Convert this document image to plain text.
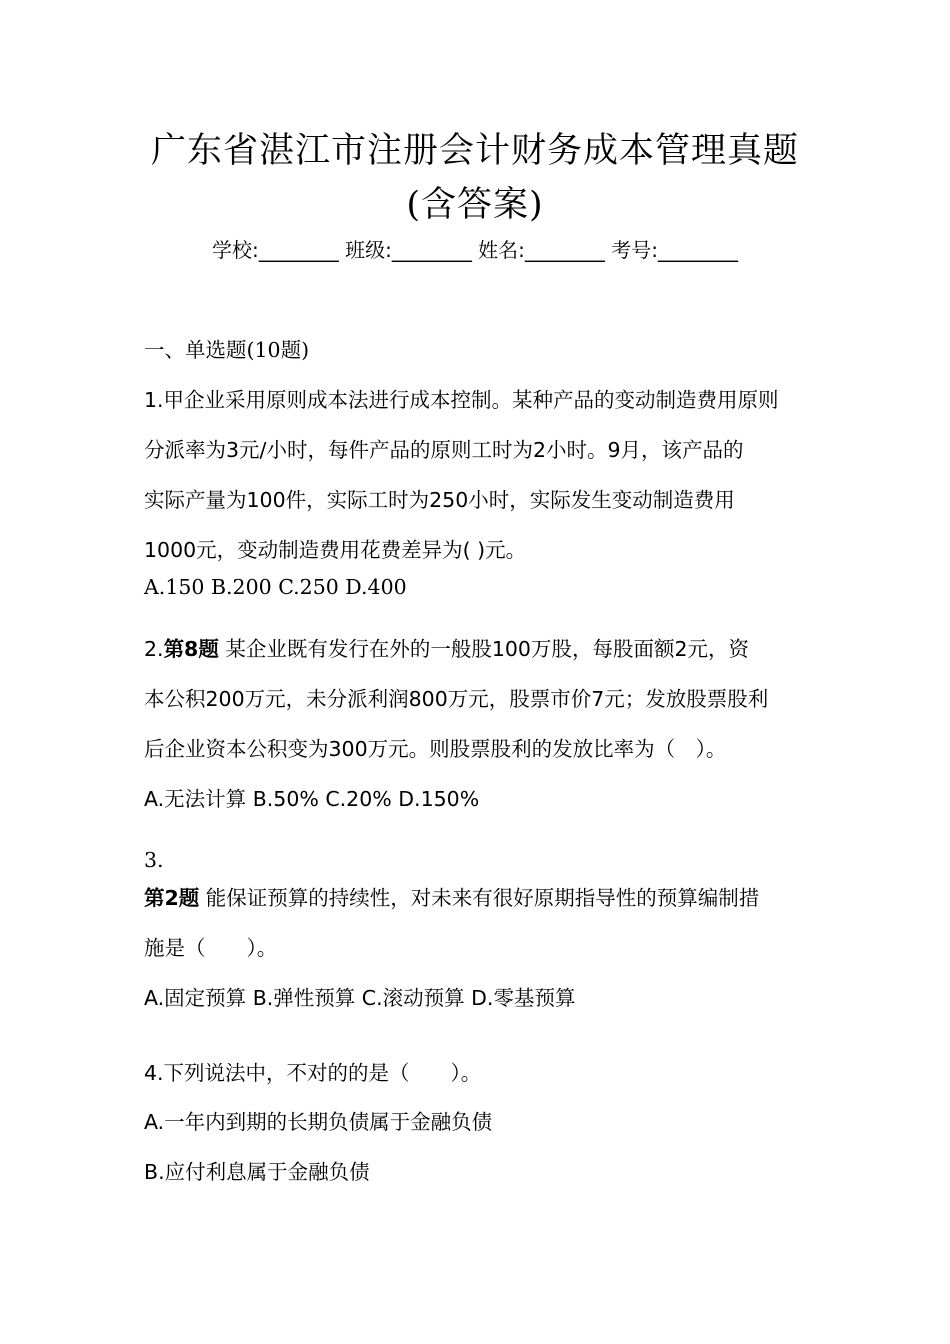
广东省湛江市注册会计财务成本管理真题
(含答案)
学校:________ 班级:________ 姓名:________ 考号:________
一、单选题(10题)
1.甲企业采用原则成本法进行成本控制。某种产品的变动制造费用原则
分派率为3元/小时，每件产品的原则工时为2小时。9月，该产品的
实际产量为100件，实际工时为250小时，实际发生变动制造费用
1000元，变动制造费用花费差异为( )元。
A.150 B.200 C.250 D.400
2.第8题 某企业既有发行在外的一般股100万股，每股面额2元，资
本公积200万元，未分派利润800万元，股票市价7元；发放股票股利
后企业资本公积变为300万元。则股票股利的发放比率为（　）。
A.无法计算 B.50% C.20% D.150%
3.
第2题 能保证预算的持续性，对未来有很好原期指导性的预算编制措
施是（　　）。
A.固定预算 B.弹性预算 C.滚动预算 D.零基预算
4.下列说法中，不对的的是（　　）。
A.一年内到期的长期负债属于金融负债
B.应付利息属于金融负债
